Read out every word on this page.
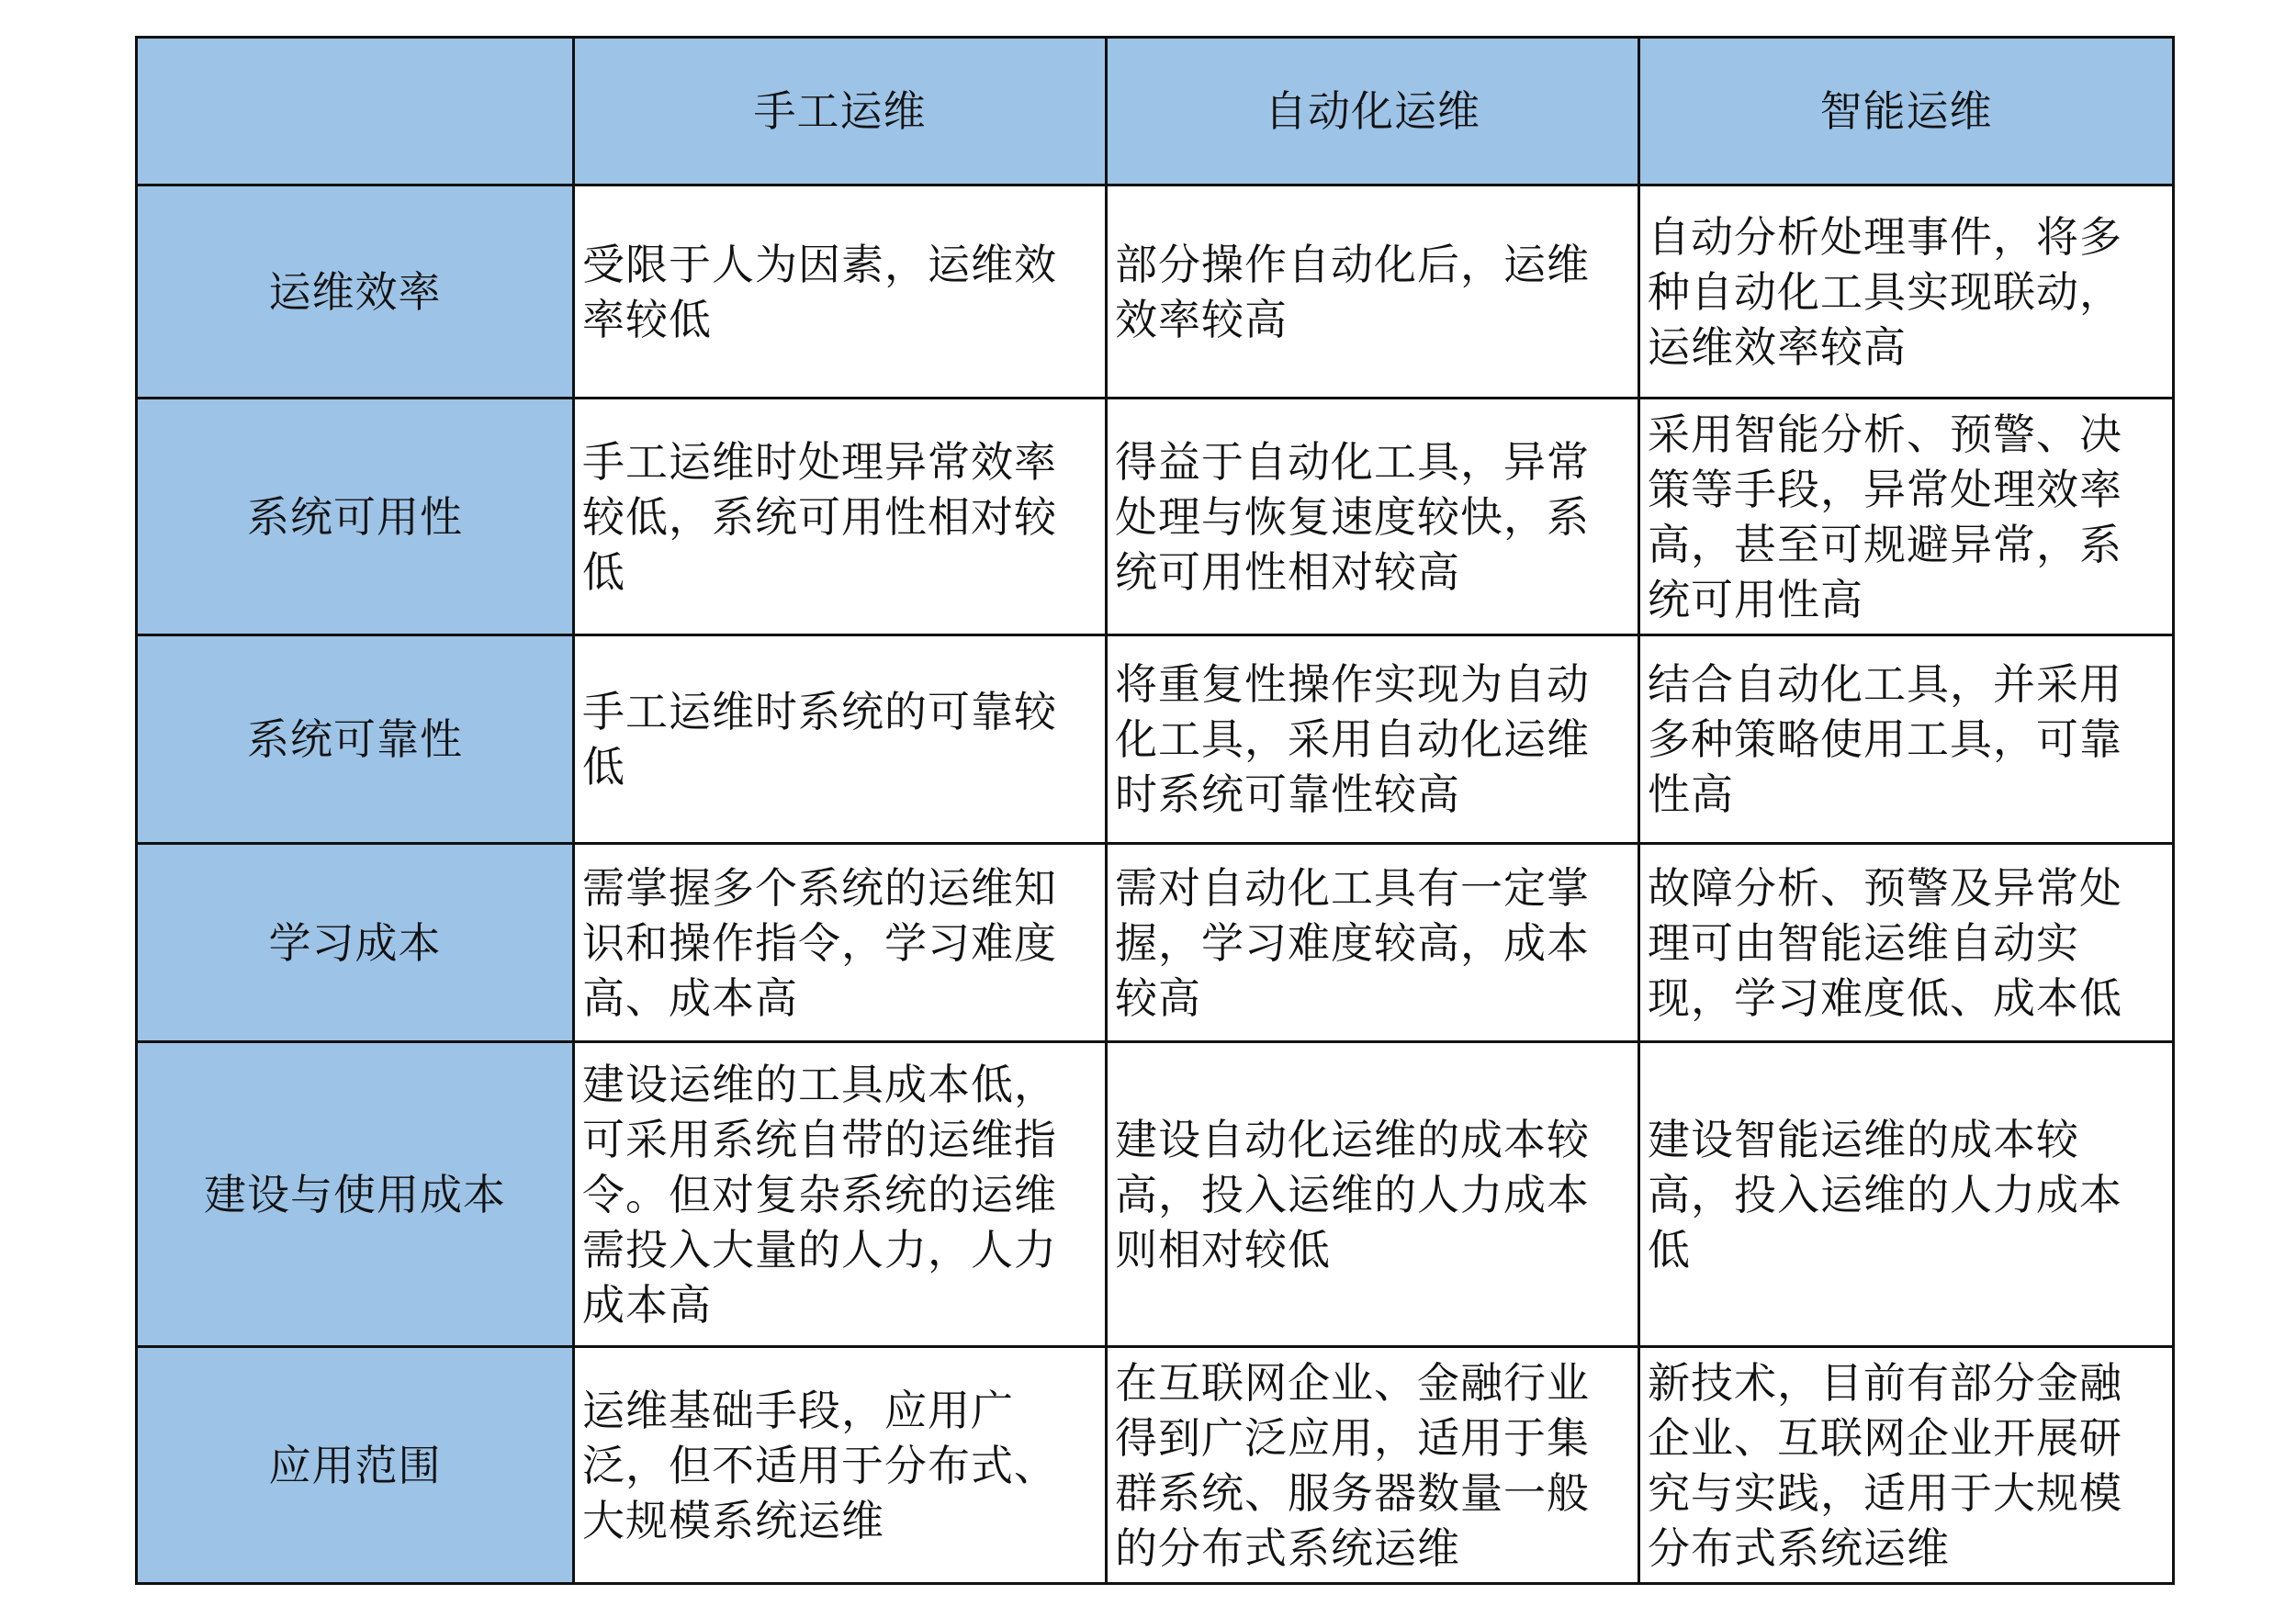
	手工运维	自动化运维	智能运维
运维效率	受限于人为因素，运维效率较低	部分操作自动化后，运维效率较高	自动分析处理事件，将多种自动化工具实现联动，运维效率较高
系统可用性	手工运维时处理异常效率较低，系统可用性相对较低	得益于自动化工具，异常处理与恢复速度较快，系统可用性相对较高	采用智能分析、预警、决策等手段，异常处理效率高，甚至可规避异常，系统可用性高
系统可靠性	手工运维时系统的可靠较低	将重复性操作实现为自动化工具，采用自动化运维时系统可靠性较高	结合自动化工具，并采用多种策略使用工具，可靠性高
学习成本	需掌握多个系统的运维知识和操作指令，学习难度高、成本高	需对自动化工具有一定掌握，学习难度较高，成本较高	故障分析、预警及异常处理可由智能运维自动实现，学习难度低、成本低
建设与使用成本	建设运维的工具成本低，可采用系统自带的运维指令。但对复杂系统的运维需投入大量的人力，人力成本高	建设自动化运维的成本较高，投入运维的人力成本则相对较低	建设智能运维的成本较高，投入运维的人力成本低
应用范围	运维基础手段，应用广泛，但不适用于分布式、大规模系统运维	在互联网企业、金融行业得到广泛应用，适用于集群系统、服务器数量一般的分布式系统运维	新技术，目前有部分金融企业、互联网企业开展研究与实践，适用于大规模分布式系统运维
